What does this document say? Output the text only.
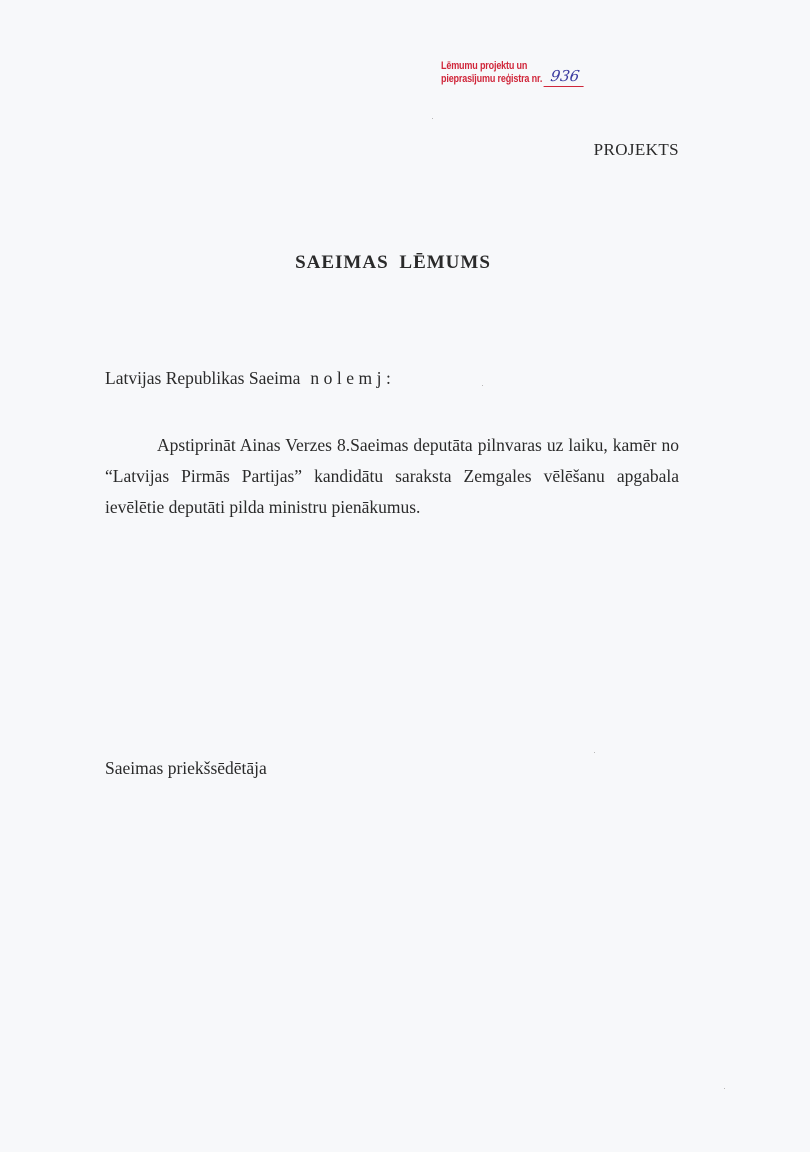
Lēmumu projektu un
pieprasījumu reģistra nr. 936
PROJEKTS
SAEIMAS LĒMUMS
Latvijas Republikas Saeima nolemj:
Apstiprināt Ainas Verzes 8.Saeimas deputāta pilnvaras uz laiku, kamēr no “Latvijas Pirmās Partijas” kandidātu saraksta Zemgales vēlēšanu apgabala ievēlētie deputāti pilda ministru pienākumus.
Saeimas priekšsēdētāja
